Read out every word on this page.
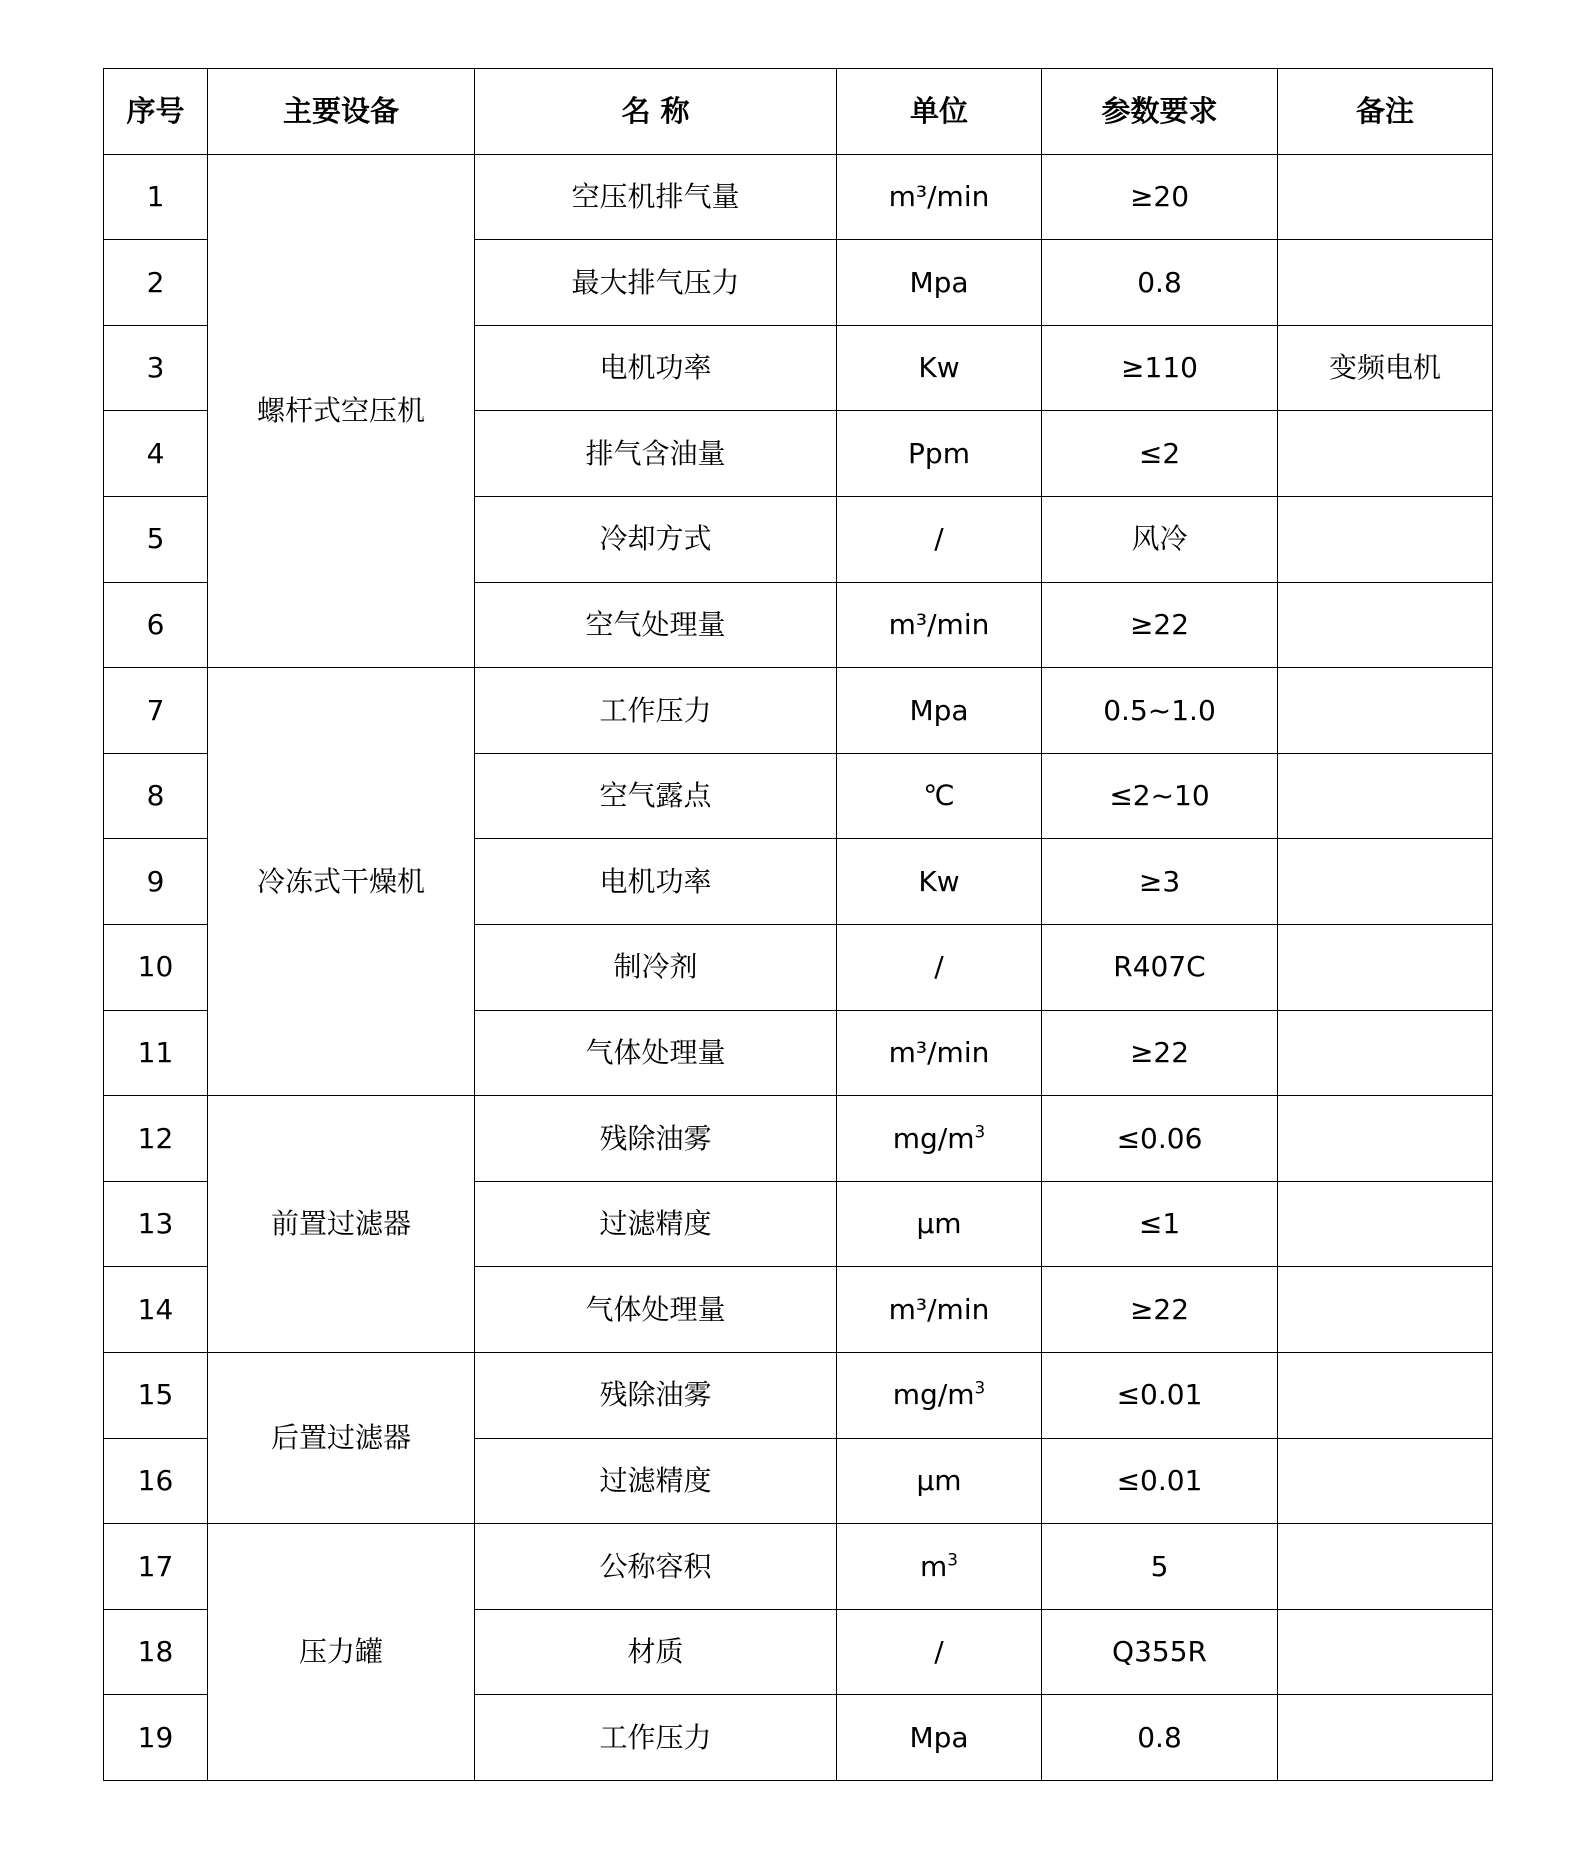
序号	主要设备	名 称	单位	参数要求	备注
1	螺杆式空压机	空压机排气量	m³/min	≥20	
2		最大排气压力	Mpa	0.8	
3		电机功率	Kw	≥110	变频电机
4		排气含油量	Ppm	≤2	
5		冷却方式	/	风冷	
6		空气处理量	m³/min	≥22	
7	冷冻式干燥机	工作压力	Mpa	0.5~1.0	
8		空气露点	℃	≤2~10	
9		电机功率	Kw	≥3	
10		制冷剂	/	R407C	
11		气体处理量	m³/min	≥22	
12	前置过滤器	残除油雾	$mg/m^3$	≤0.06	
13		过滤精度	μm	≤1	
14		气体处理量	m³/min	≥22	
15	后置过滤器	残除油雾	$mg/m^3$	≤0.01	
16		过滤精度	μm	≤0.01	
17	压力罐	公称容积	$m^3$	5	
18		材质	/	Q355R	
19		工作压力	Mpa	0.8	
